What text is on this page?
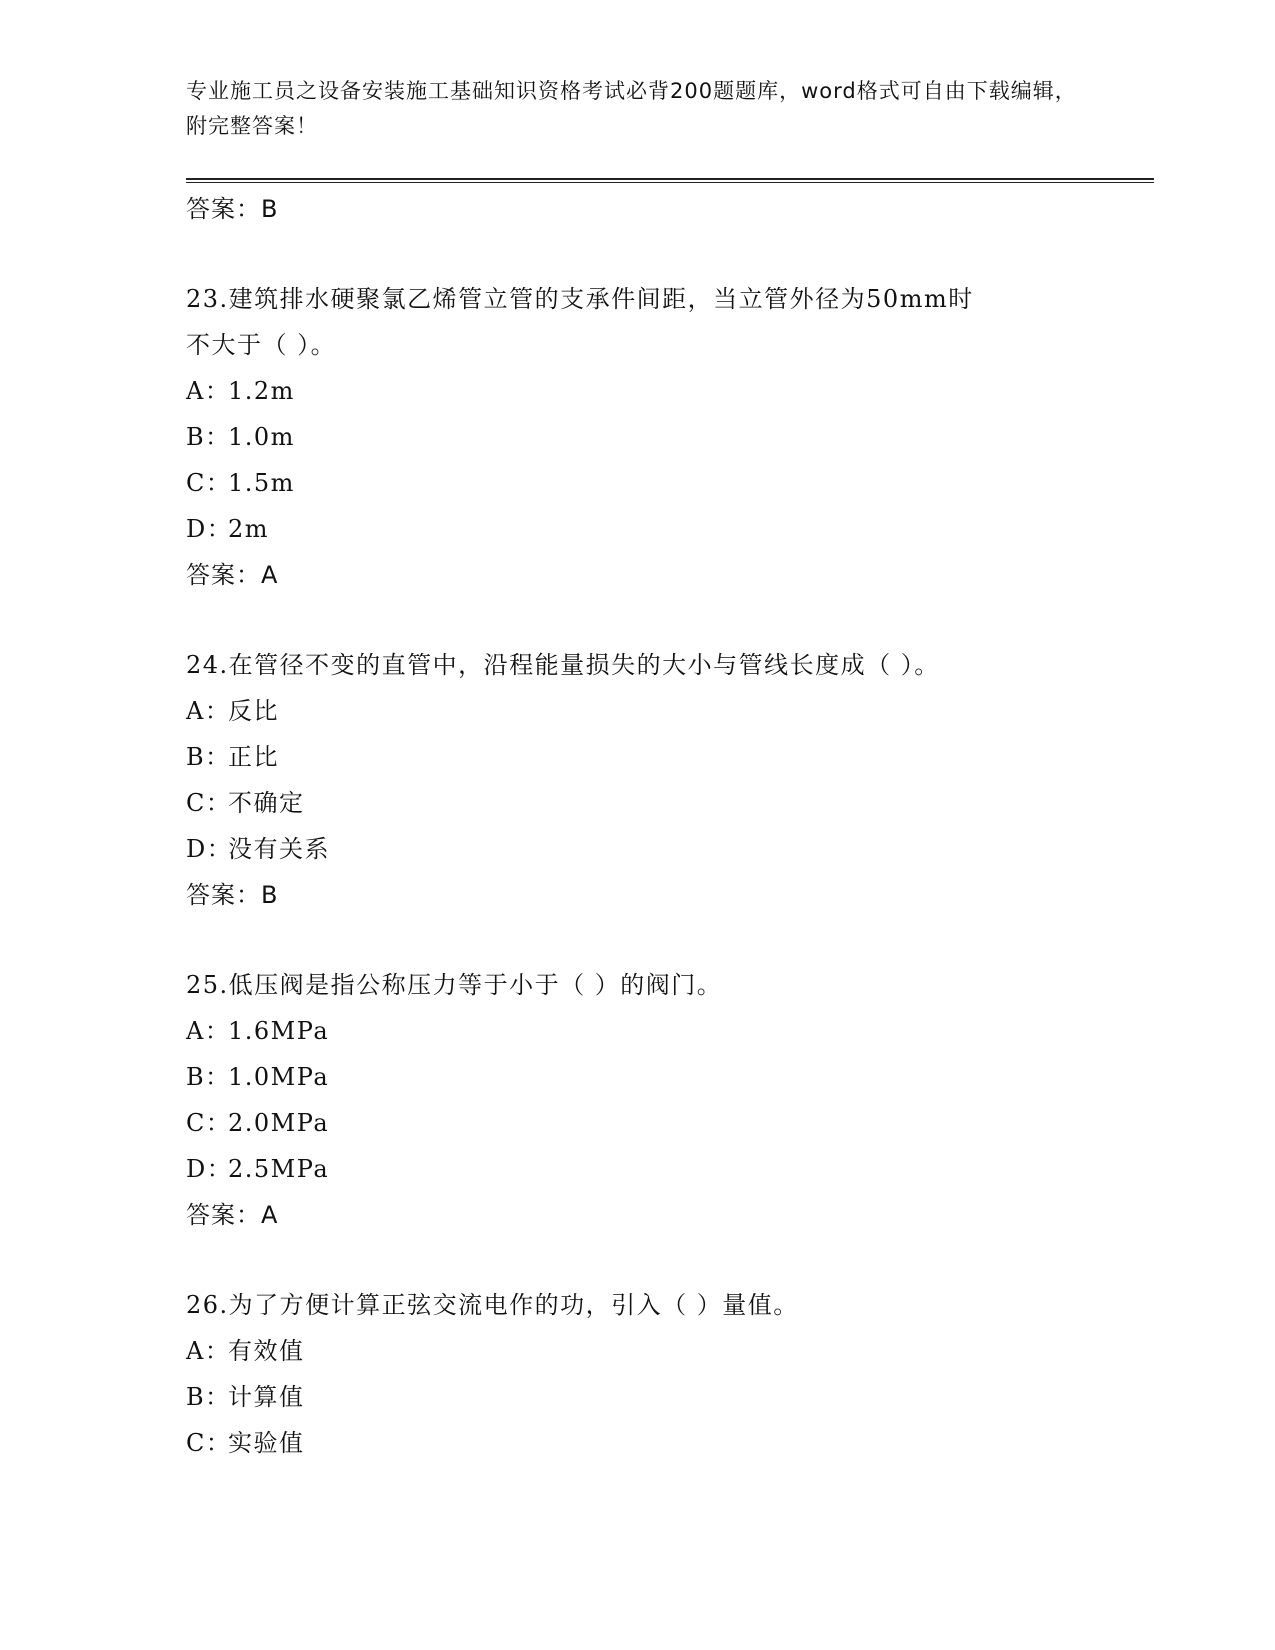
专业施工员之设备安装施工基础知识资格考试必背200题题库，word格式可自由下载编辑，附完整答案！
答案：B
23.建筑排水硬聚氯乙烯管立管的支承件间距，当立管外径为50mm时
不大于（ ）。
A：1.2m
B：1.0m
C：1.5m
D：2m
答案：A
24.在管径不变的直管中，沿程能量损失的大小与管线长度成（ ）。
A：反比
B：正比
C：不确定
D：没有关系
答案：B
25.低压阀是指公称压力等于小于（ ）的阀门。
A：1.6MPa
B：1.0MPa
C：2.0MPa
D：2.5MPa
答案：A
26.为了方便计算正弦交流电作的功，引入（ ）量值。
A：有效值
B：计算值
C：实验值
